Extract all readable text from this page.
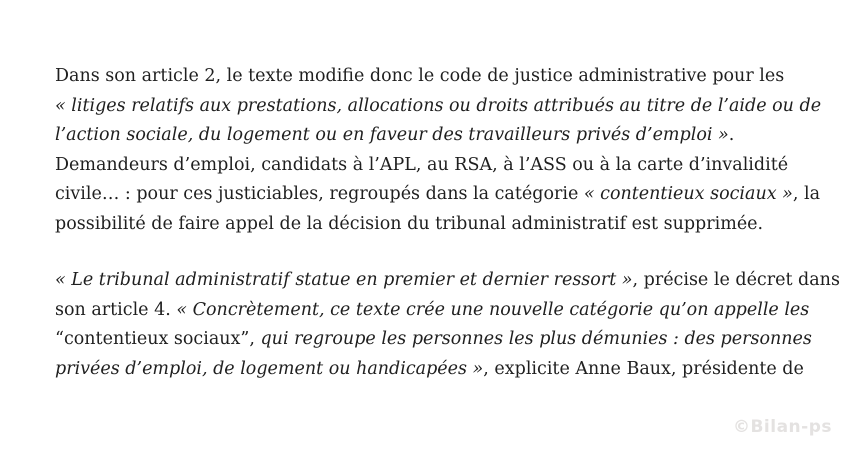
Dans son article 2, le texte modifie donc le code de justice administrative pour les
« litiges relatifs aux prestations, allocations ou droits attribués au titre de l’aide ou de
l’action sociale, du logement ou en faveur des travailleurs privés d’emploi ».
Demandeurs d’emploi, candidats à l’APL, au RSA, à l’ASS ou à la carte d’invalidité
civile… : pour ces justiciables, regroupés dans la catégorie « contentieux sociaux », la
possibilité de faire appel de la décision du tribunal administratif est supprimée.

« Le tribunal administratif statue en premier et dernier ressort », précise le décret dans
son article 4. « Concrètement, ce texte crée une nouvelle catégorie qu’on appelle les
“contentieux sociaux”, qui regroupe les personnes les plus démunies : des personnes
privées d’emploi, de logement ou handicapées », explicite Anne Baux, présidente de

©Bilan-ps
